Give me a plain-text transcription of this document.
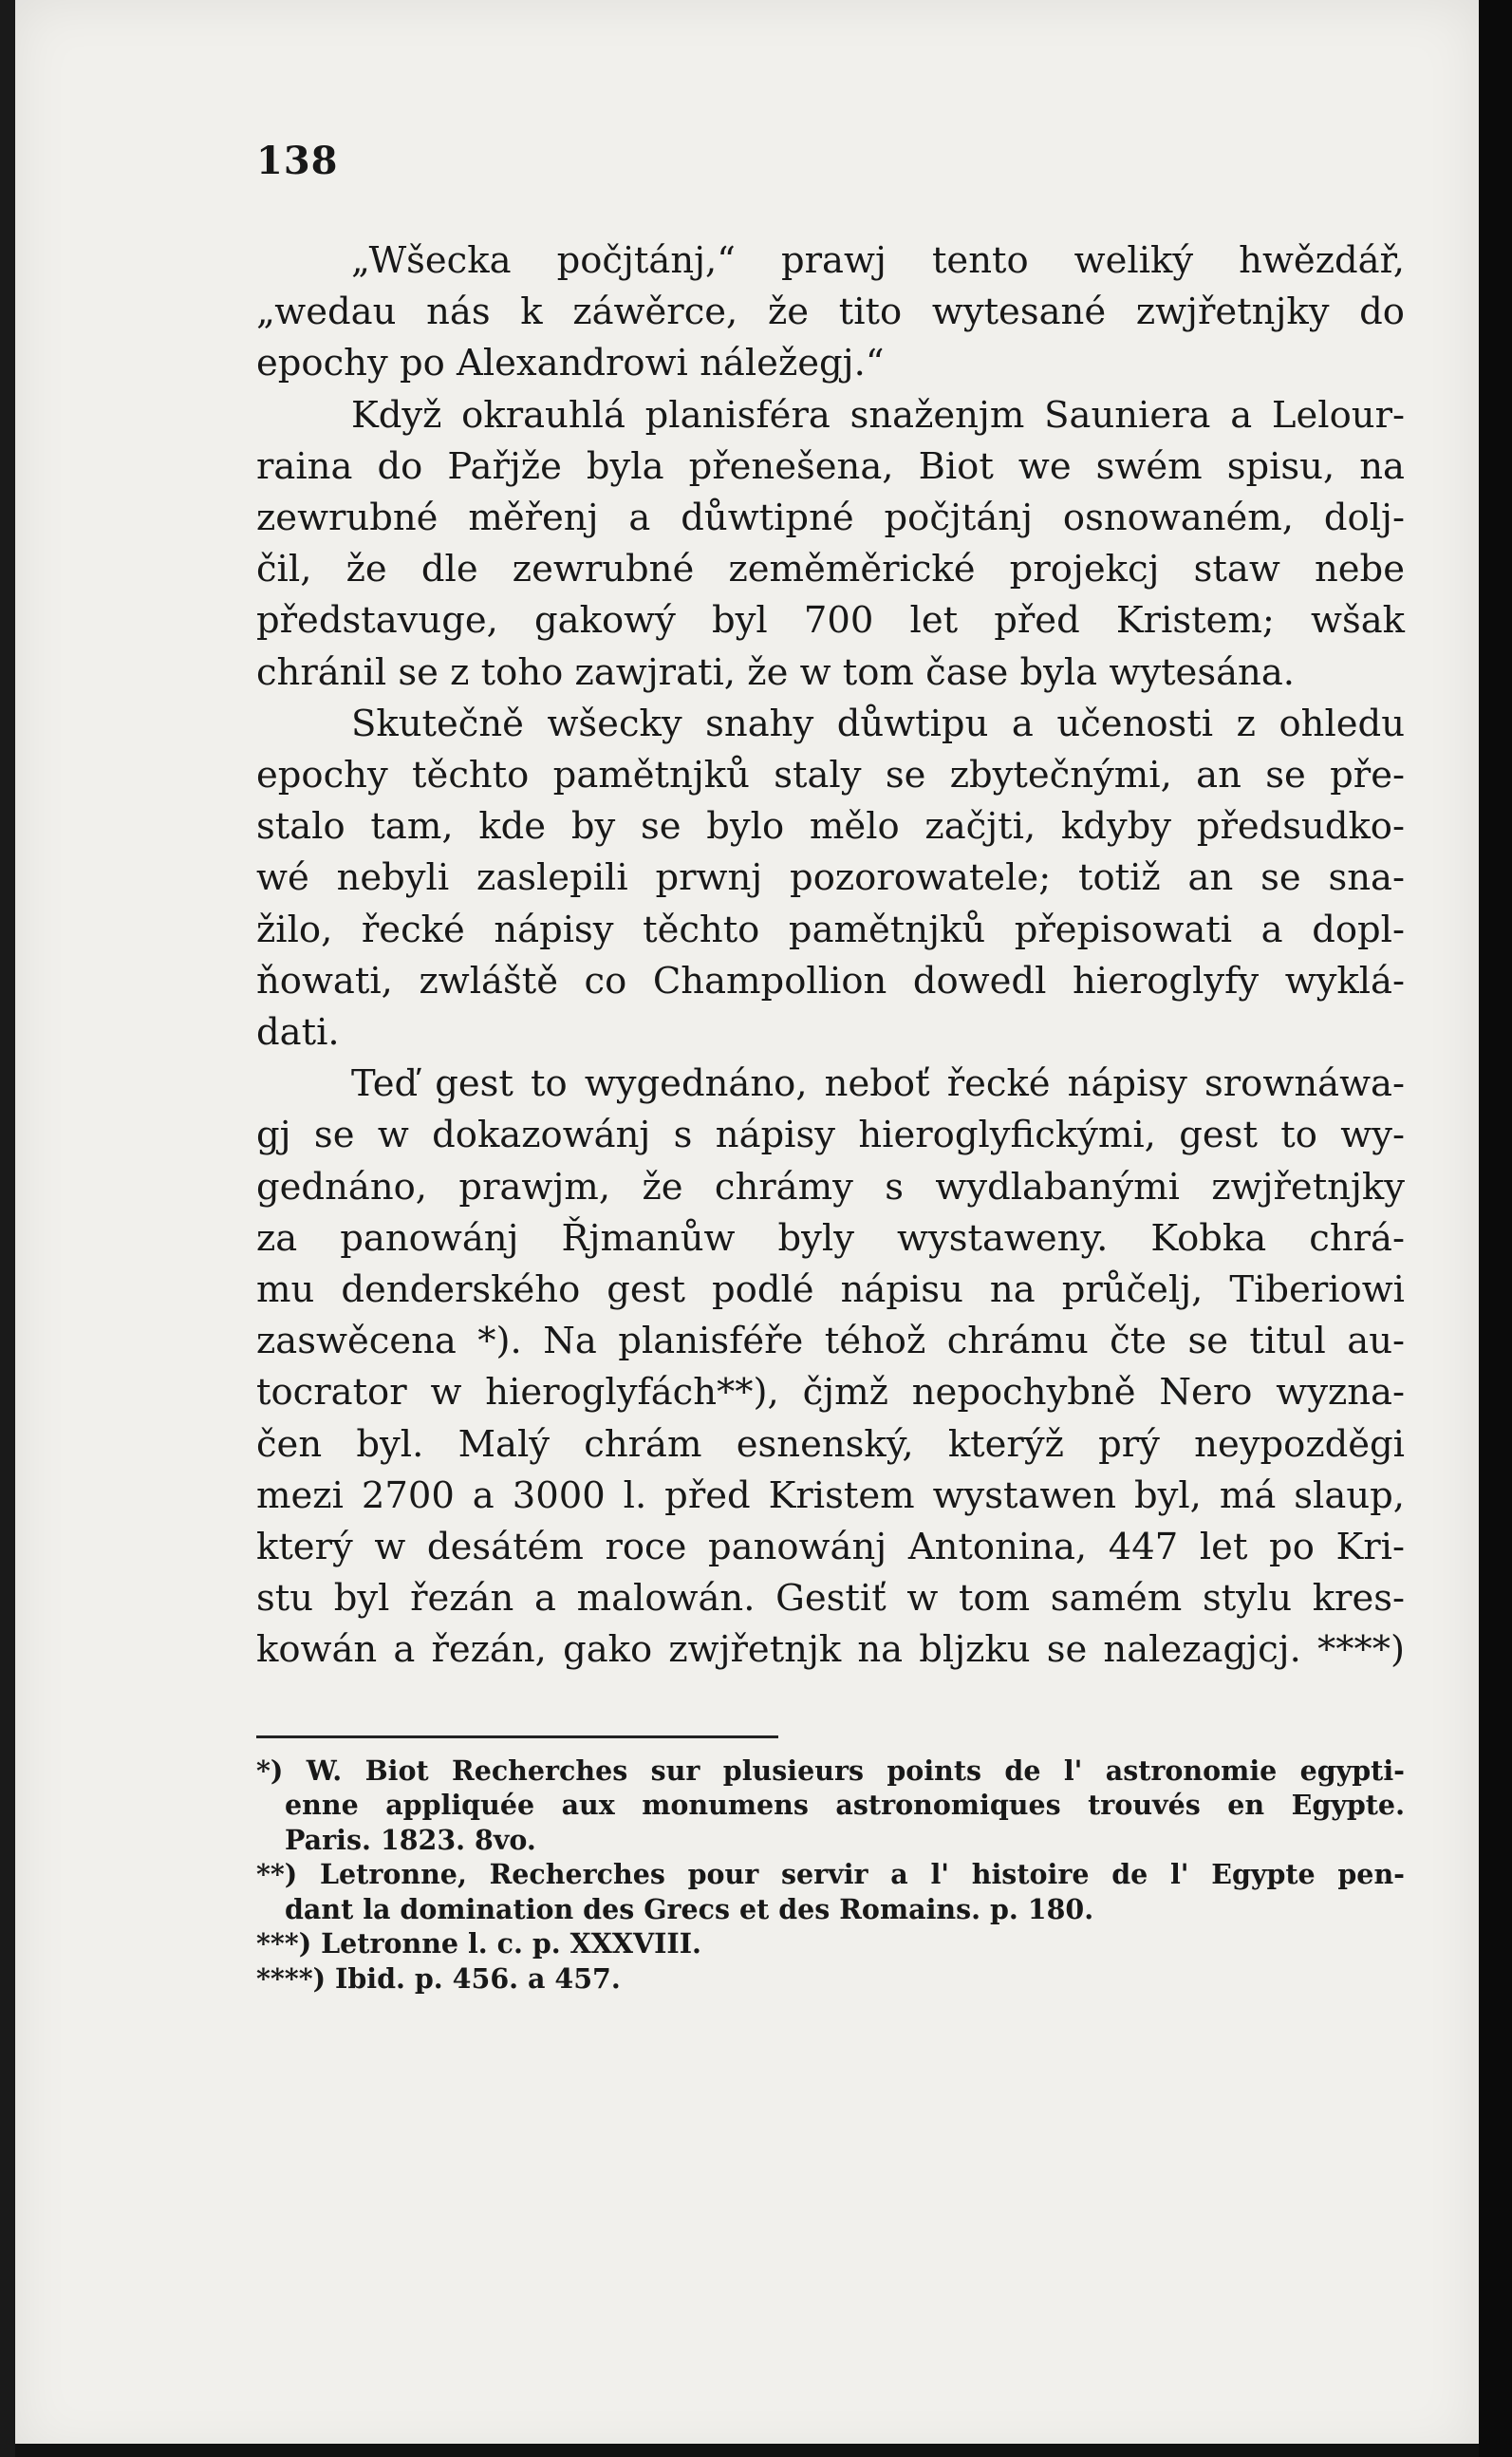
138

„Wšecka počjtánj,“ prawj tento weliký hwězdář,
„wedau nás k záwěrce, že tito wytesané zwjřetnjky do
epochy po Alexandrowi náležegj.“

Když okrauhlá planisféra snaženjm Sauniera a Lelour-
raina do Pařjže byla přenešena, Biot we swém spisu, na
zewrubné měřenj a důwtipné počjtánj osnowaném, dolj-
čil, že dle zewrubné zeměměrické projekcj staw nebe
představuge, gakowý byl 700 let před Kristem; wšak
chránil se z toho zawjrati, že w tom čase byla wytesána.

Skutečně wšecky snahy důwtipu a učenosti z ohledu
epochy těchto pamětnjků staly se zbytečnými, an se pře-
stalo tam, kde by se bylo mělo začjti, kdyby předsudko-
wé nebyli zaslepili prwnj pozorowatele; totiž an se sna-
žilo, řecké nápisy těchto pamětnjků přepisowati a dopl-
ňowati, zwláště co Champollion dowedl hieroglyfy wyklá-
dati.

Teď gest to wygednáno, neboť řecké nápisy srownáwa-
gj se w dokazowánj s nápisy hieroglyfickými, gest to wy-
gednáno, prawjm, že chrámy s wydlabanými zwjřetnjky
za panowánj Řjmanůw byly wystaweny. Kobka chrá-
mu denderského gest podlé nápisu na průčelj, Tiberiowi
zaswěcena *). Na planisféře téhož chrámu čte se titul au-
tocrator w hieroglyfách**), čjmž nepochybně Nero wyzna-
čen byl. Malý chrám esnenský, kterýž prý neypozděgi
mezi 2700 a 3000 l. před Kristem wystawen byl, má slaup,
který w desátém roce panowánj Antonina, 447 let po Kri-
stu byl řezán a malowán. Gestiť w tom samém stylu kres-
kowán a řezán, gako zwjřetnjk na bljzku se nalezagjcj. ****)

*) W. Biot Recherches sur plusieurs points de l' astronomie egypti-
enne appliquée aux monumens astronomiques trouvés en Egypte.
Paris. 1823. 8vo.

**) Letronne, Recherches pour servir a l' histoire de l' Egypte pen-
dant la domination des Grecs et des Romains. p. 180.

***) Letronne l. c. p. XXXVIII.

****) Ibid. p. 456. a 457.
